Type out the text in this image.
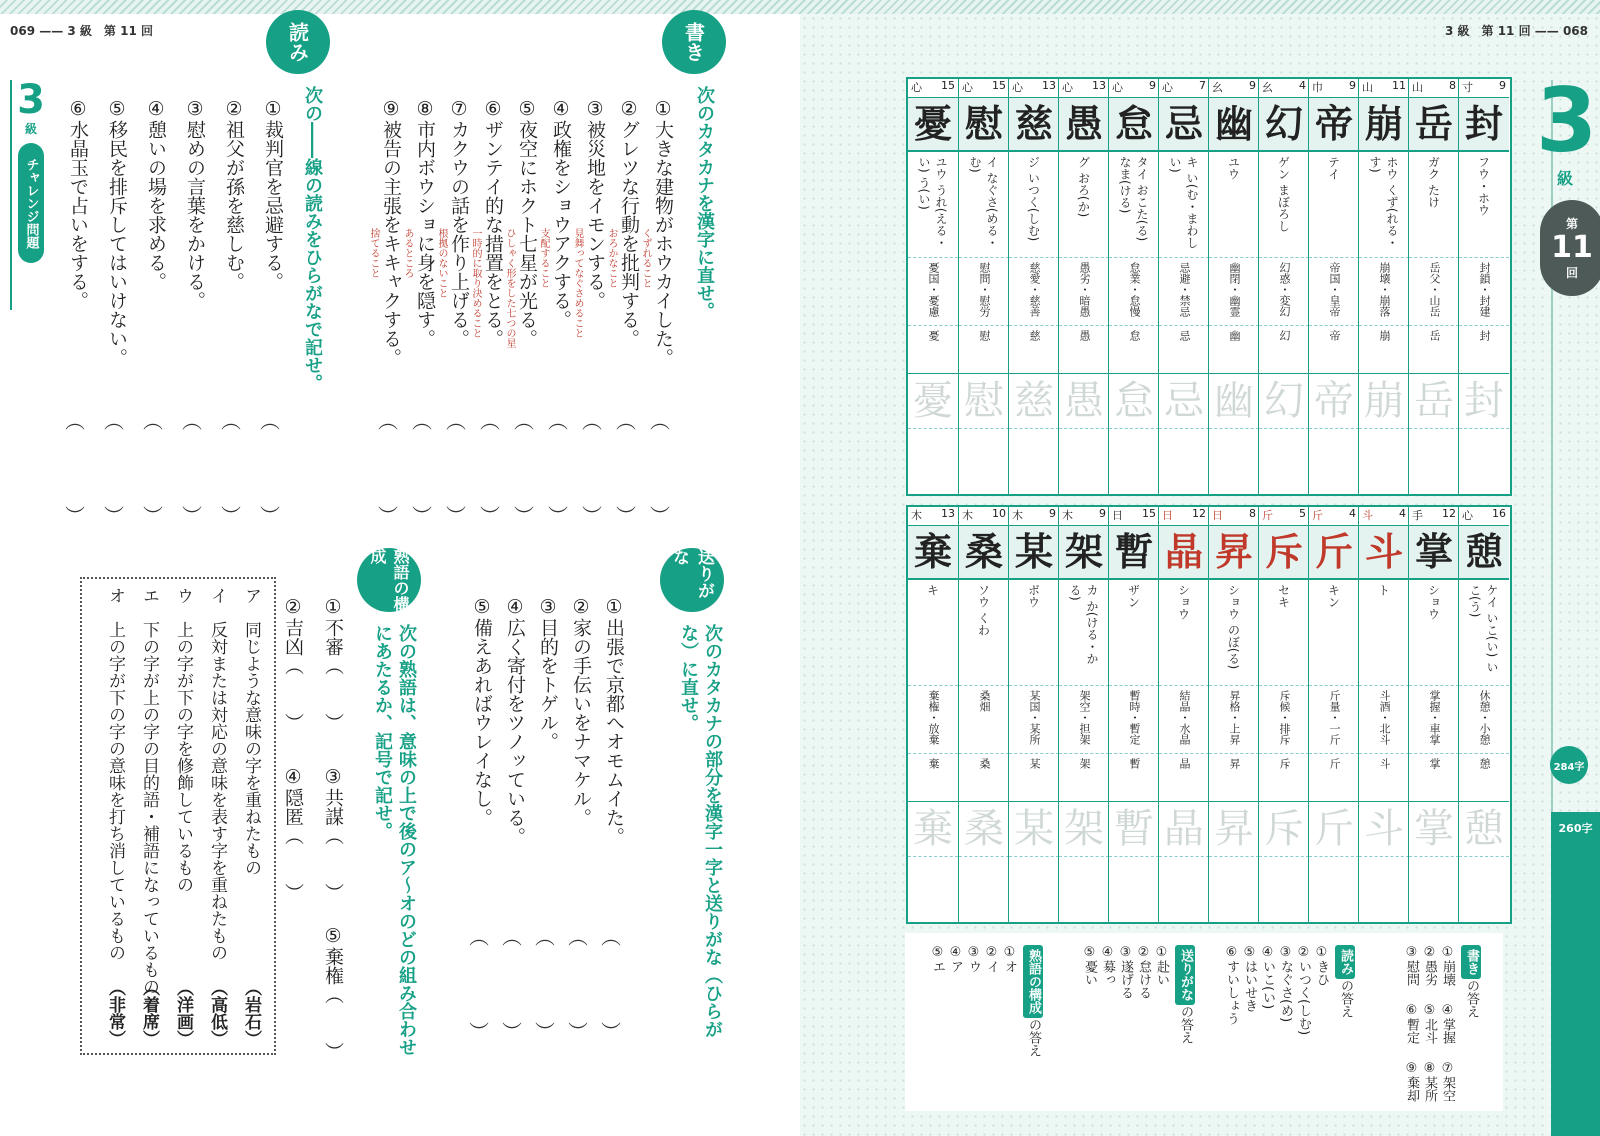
069 —— 3 級　第 11 回	3 級　第 11 回 —— 068
3
級
チャレンジ問題
書き
読み
送りがな
熟語の構成
次のカタカナを漢字に直せ。
①大きな建物がホウカイした。
くずれること
︵
︶
②グレツな行動を批判する。
おろかなこと
︵
︶
③被災地をイモンする。
見舞ってなぐさめること
︵
︶
④政権をショウアクする。
支配すること
︵
︶
⑤夜空にホクト七星が光る。
ひしゃく形をした七つの星
︵
︶
⑥ザンテイ的な措置をとる。
一時的に取り決めること
︵
︶
⑦カクウの話を作り上げる。
根拠のないこと
︵
︶
⑧市内ボウショに身を隠す。
あるところ
︵
︶
⑨被告の主張をキキャクする。
捨てること
︵
︶
次の――線の読みをひらがなで記せ。
①裁判官を忌避する。
︵
︶
②祖父が孫を慈しむ。
︵
︶
③慰めの言葉をかける。
︵
︶
④憩いの場を求める。
︵
︶
⑤移民を排斥してはいけない。
︵
︶
⑥水晶玉で占いをする。
︵
︶
次のカタカナの部分を漢字一字と送りがな（ひらがな）に直せ。
①出張で京都へオモムイた。
︵
︶
②家の手伝いをナマケル。
︵
︶
③目的をトゲル。
︵
︶
④広く寄付をツノッている。
︵
︶
⑤備えあればウレイなし。
︵
︶
次の熟語は、意味の上で後のア～オのどの組み合わせにあたるか、記号で記せ。
①不審（　　）
②吉凶（　　）
③共謀（　　）
④隠匿（　　）
⑤棄権（　　）
ア　同じような意味の字を重ねたもの
（岩石）
イ　反対または対応の意味を表す字を重ねたもの
（高低）
ウ　上の字が下の字を修飾しているもの
（洋画）
エ　下の字が上の字の目的語・補語になっているもの
（着席）
オ　上の字が下の字の意味を打ち消しているもの
（非常）
心 15
憂
ユウ うれ(える・い) う(い)
憂国・憂慮
憂
憂
心 15
慰
イ なぐさ(める・む)
慰問・慰労
慰
慰
心 13
慈
ジ いつく(しむ)
慈愛・慈善
慈
慈
心 13
愚
グ おろ(か)
愚劣・暗愚
愚
愚
心 9
怠
タイ おこた(る) なま(ける)
怠業・怠慢
怠
怠
心 7
忌
キ い(む・まわしい)
忌避・禁忌
忌
忌
幺 9
幽
ユウ
幽閉・幽霊
幽
幽
幺 4
幻
ゲン まぼろし
幻惑・変幻
幻
幻
巾 9
帝
テイ
帝国・皇帝
帝
帝
山 11
崩
ホウ くず(れる・す)
崩壊・崩落
崩
崩
山 8
岳
ガク たけ
岳父・山岳
岳
岳
寸 9
封
フウ・ホウ
封鎖・封建
封
封
木 13
棄
キ
棄権・放棄
棄
棄
木 10
桑
ソウ くわ
桑畑
桑
桑
木 9
某
ボウ
某国・某所
某
某
木 9
架
カ か(ける・かる)
架空・担架
架
架
日 15
暫
ザン
暫時・暫定
暫
暫
日 12
晶
ショウ
結晶・水晶
晶
晶
日 8
昇
ショウ のぼ(る)
昇格・上昇
昇
昇
斤 5
斥
セキ
斥候・排斥
斥
斥
斤 4
斤
キン
斤量・一斤
斤
斤
斗 4
斗
ト
斗酒・北斗
斗
斗
手 12
掌
ショウ
掌握・車掌
掌
掌
心 16
憩
ケイ いこ(い) いこ(う)
休憩・小憩
憩
憩
3
級
第
11
回
284字
260字
書きの答え
①崩壊
②愚劣
③慰問
④掌握
⑤北斗
⑥暫定
⑦架空
⑧某所
⑨棄却
読みの答え
①きひ
②いつく(しむ)
③なぐさ(め)
④いこ(い)
⑤はいせき
⑥すいしょう
送りがなの答え
①赴い
②怠ける
③遂げる
④募っ
⑤憂い
熟語の構成の答え
①オ
②イ
③ウ
④ア
⑤エ
